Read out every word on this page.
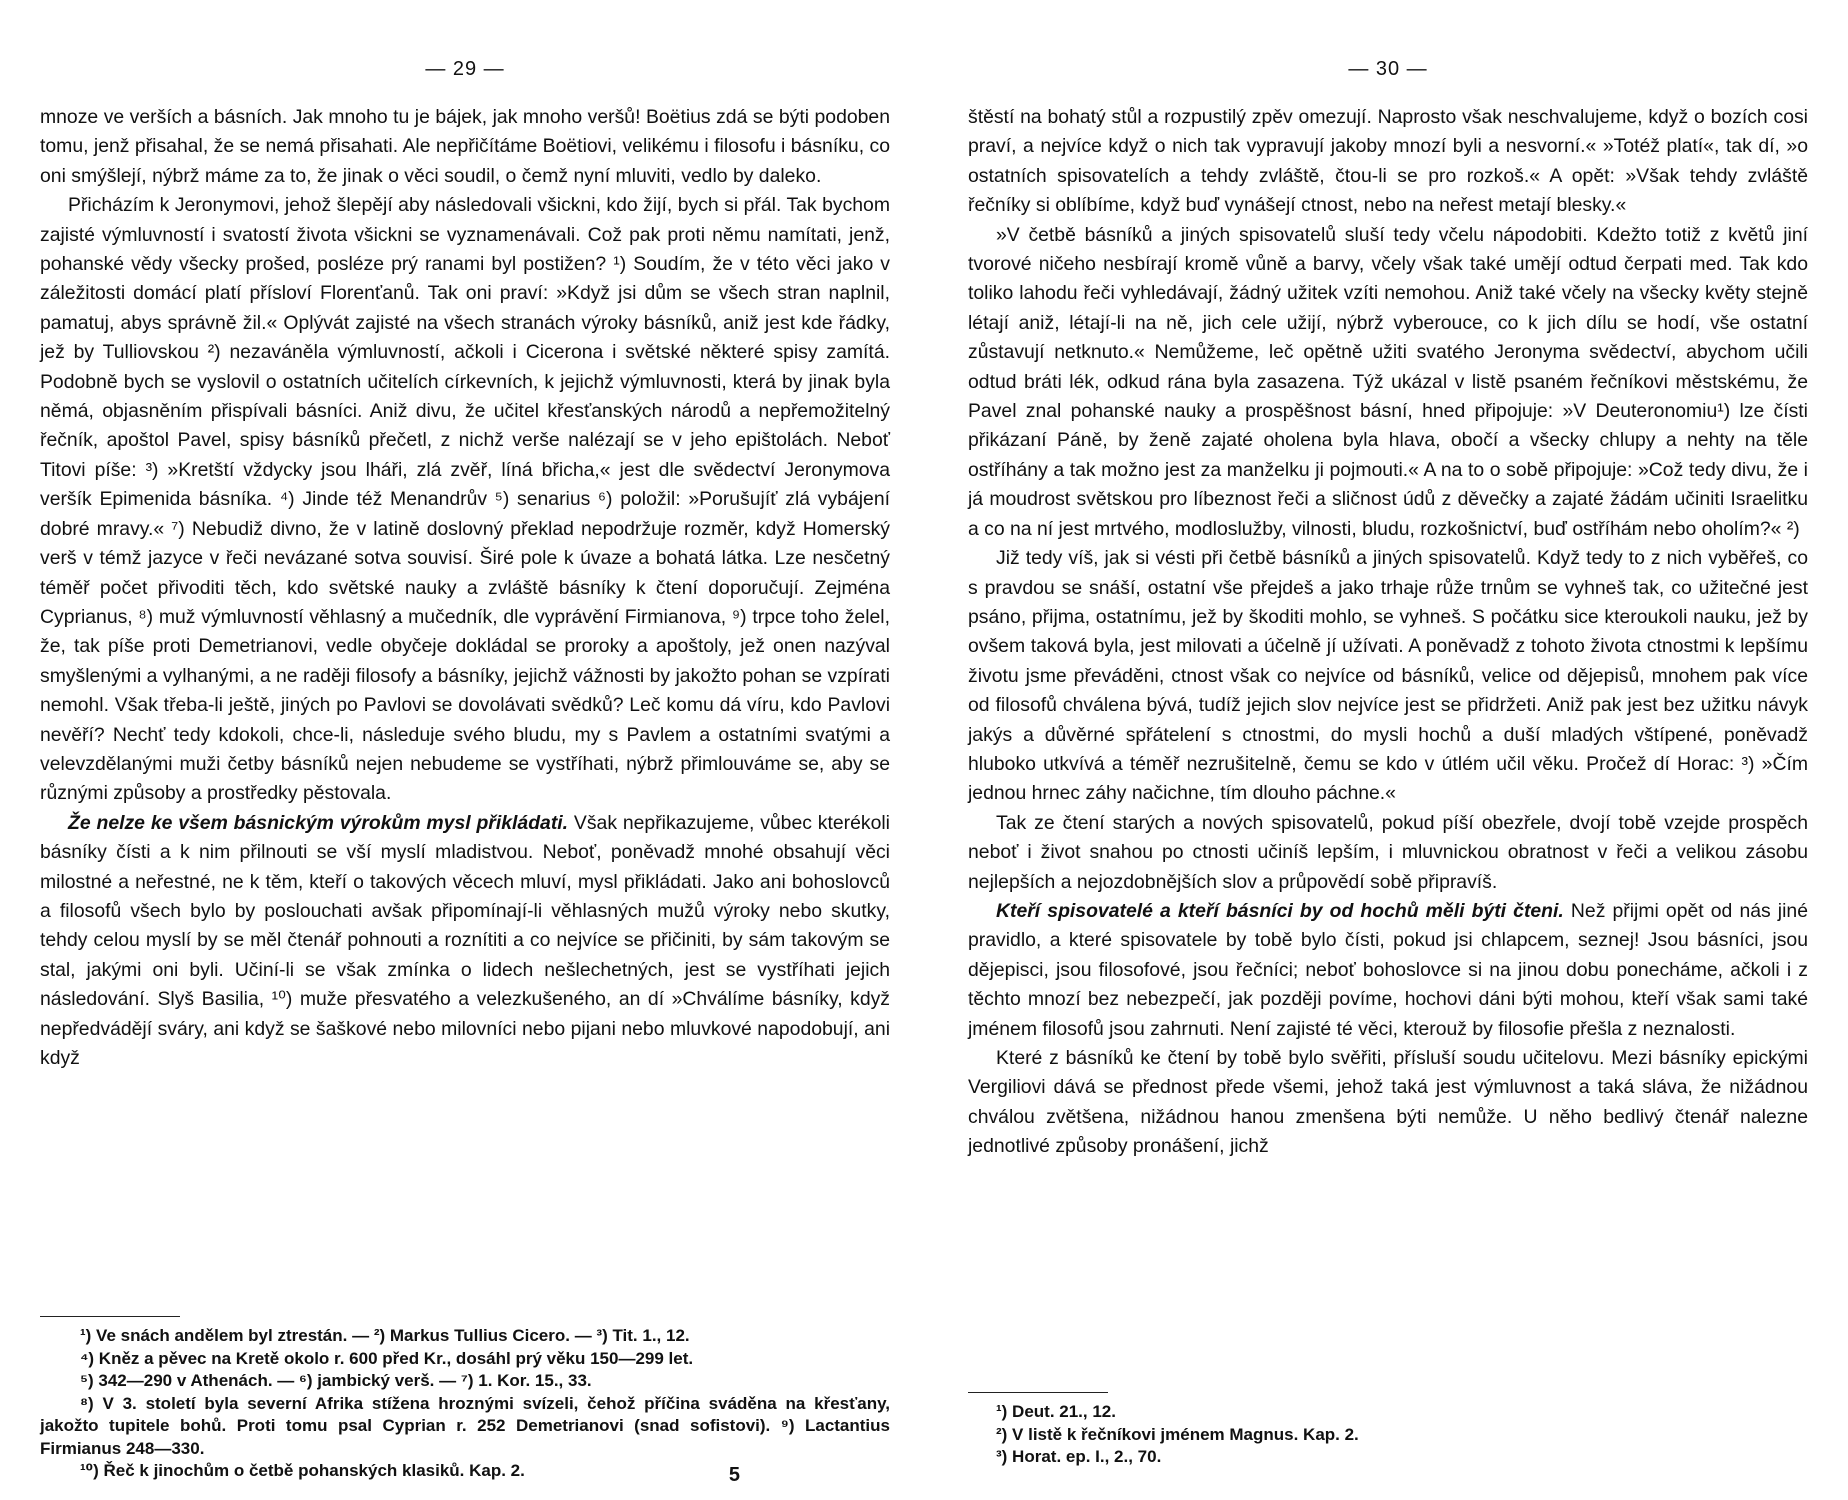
— 29 —

mnoze ve verších a básních. Jak mnoho tu je bájek, jak mnoho veršů! Boëtius zdá se býti podoben tomu, jenž přisahal, že se nemá přisahati. Ale nepřičítáme Boëtiovi, velikému i filosofu i básníku, co oni smýšlejí, nýbrž máme za to, že jinak o věci soudil, o čemž nyní mluviti, vedlo by daleko.

Přicházím k Jeronymovi, jehož šlepějí aby následovali všickni, kdo žijí, bych si přál. Tak bychom zajisté výmluvností i svatostí života všickni se vyznamenávali. Což pak proti němu namítati, jenž, pohanské vědy všecky prošed, posléze prý ranami byl postižen? ¹) Soudím, že v této věci jako v záležitosti domácí platí přísloví Florenťanů. Tak oni praví: »Když jsi dům se všech stran naplnil, pamatuj, abys správně žil.« Oplývát zajisté na všech stranách výroky básníků, aniž jest kde řádky, jež by Tulliovskou ²) nezaváněla výmluvností, ačkoli i Cicerona i světské některé spisy zamítá. Podobně bych se vyslovil o ostatních učitelích církevních, k jejichž výmluvnosti, která by jinak byla němá, objasněním přispívali básníci. Aniž divu, že učitel křesťanských národů a nepřemožitelný řečník, apoštol Pavel, spisy básníků přečetl, z nichž verše nalézají se v jeho epištolách. Neboť Titovi píše: ³) »Kretští vždycky jsou lháři, zlá zvěř, líná břicha,« jest dle svědectví Jeronymova veršík Epimenida básníka. ⁴) Jinde též Menandrův ⁵) senarius ⁶) položil: »Porušujíť zlá vybájení dobré mravy.« ⁷) Nebudiž divno, že v latině doslovný překlad nepodržuje rozměr, když Homerský verš v témž jazyce v řeči nevázané sotva souvisí. Širé pole k úvaze a bohatá látka. Lze nesčetný téměř počet přivoditi těch, kdo světské nauky a zvláště básníky k čtení doporučují. Zejména Cyprianus, ⁸) muž výmluvností věhlasný a mučedník, dle vyprávění Firmianova, ⁹) trpce toho želel, že, tak píše proti Demetrianovi, vedle obyčeje dokládal se proroky a apoštoly, jež onen nazýval smyšlenými a vylhanými, a ne raději filosofy a básníky, jejichž vážnosti by jakožto pohan se vzpírati nemohl. Však třeba-li ještě, jiných po Pavlovi se dovolávati svědků? Leč komu dá víru, kdo Pavlovi nevěří? Nechť tedy kdokoli, chce-li, následuje svého bludu, my s Pavlem a ostatními svatými a velevzdělanými muži četby básníků nejen nebudeme se vystříhati, nýbrž přimlouváme se, aby se různými způsoby a prostředky pěstovala.

Že nelze ke všem básnickým výrokům mysl přikládati. Však nepřikazujeme, vůbec kterékoli básníky čísti a k nim přilnouti se vší myslí mladistvou. Neboť, poněvadž mnohé obsahují věci milostné a neřestné, ne k těm, kteří o takových věcech mluví, mysl přikládati. Jako ani bohoslovců a filosofů všech bylo by poslouchati avšak připomínají-li věhlasných mužů výroky nebo skutky, tehdy celou myslí by se měl čtenář pohnouti a roznítiti a co nejvíce se přičiniti, by sám takovým se stal, jakými oni byli. Učiní-li se však zmínka o lidech nešlechetných, jest se vystříhati jejich následování. Slyš Basilia, ¹⁰) muže přesvatého a velezkušeného, an dí »Chválíme básníky, když nepředvádějí sváry, ani když se šaškové nebo milovníci nebo pijani nebo mluvkové napodobují, ani když

¹) Ve snách andělem byl ztrestán. — ²) Markus Tullius Cicero. — ³) Tit. 1., 12.

⁴) Kněz a pěvec na Kretě okolo r. 600 před Kr., dosáhl prý věku 150—299 let.

⁵) 342—290 v Athenách. — ⁶) jambický verš. — ⁷) 1. Kor. 15., 33.

⁸) V 3. století byla severní Afrika stížena hroznými svízeli, čehož příčina sváděna na křesťany, jakožto tupitele bohů. Proti tomu psal Cyprian r. 252 Demetrianovi (snad sofistovi). ⁹) Lactantius Firmianus 248—330.

¹⁰) Řeč k jinochům o četbě pohanských klasiků. Kap. 2.	5
— 30 —

štěstí na bohatý stůl a rozpustilý zpěv omezují. Naprosto však neschvalujeme, když o bozích cosi praví, a nejvíce když o nich tak vypravují jakoby mnozí byli a nesvorní.« »Totéž platí«, tak dí, »o ostatních spisovatelích a tehdy zvláště, čtou-li se pro rozkoš.« A opět: »Však tehdy zvláště řečníky si oblíbíme, když buď vynášejí ctnost, nebo na neřest metají blesky.«

»V četbě básníků a jiných spisovatelů sluší tedy včelu nápodobiti. Kdežto totiž z květů jiní tvorové ničeho nesbírají kromě vůně a barvy, včely však také umějí odtud čerpati med. Tak kdo toliko lahodu řeči vyhledávají, žádný užitek vzíti nemohou. Aniž také včely na všecky květy stejně létají aniž, létají-li na ně, jich cele užijí, nýbrž vyberouce, co k jich dílu se hodí, vše ostatní zůstavují netknuto.« Nemůžeme, leč opětně užiti svatého Jeronyma svědectví, abychom učili odtud bráti lék, odkud rána byla zasazena. Týž ukázal v listě psaném řečníkovi městskému, že Pavel znal pohanské nauky a prospěšnost básní, hned připojuje: »V Deuteronomiu¹) lze čísti přikázaní Páně, by ženě zajaté oholena byla hlava, obočí a všecky chlupy a nehty na těle ostříhány a tak možno jest za manželku ji pojmouti.« A na to o sobě připojuje: »Což tedy divu, že i já moudrost světskou pro líbeznost řeči a sličnost údů z děvečky a zajaté žádám učiniti Israelitku a co na ní jest mrtvého, modloslužby, vilnosti, bludu, rozkošnictví, buď ostříhám nebo oholím?« ²)

Již tedy víš, jak si vésti při četbě básníků a jiných spisovatelů. Když tedy to z nich vyběřeš, co s pravdou se snáší, ostatní vše přejdeš a jako trhaje růže trnům se vyhneš tak, co užitečné jest psáno, přijma, ostatnímu, jež by škoditi mohlo, se vyhneš. S počátku sice kteroukoli nauku, jež by ovšem taková byla, jest milovati a účelně jí užívati. A poněvadž z tohoto života ctnostmi k lepšímu životu jsme převáděni, ctnost však co nejvíce od básníků, velice od dějepisů, mnohem pak více od filosofů chválena bývá, tudíž jejich slov nejvíce jest se přidržeti. Aniž pak jest bez užitku návyk jakýs a důvěrné spřátelení s ctnostmi, do mysli hochů a duší mladých vštípené, poněvadž hluboko utkvívá a téměř nezrušitelně, čemu se kdo v útlém učil věku. Pročež dí Horac: ³) »Čím jednou hrnec záhy načichne, tím dlouho páchne.«

Tak ze čtení starých a nových spisovatelů, pokud píší obezřele, dvojí tobě vzejde prospěch neboť i život snahou po ctnosti učiníš lepším, i mluvnickou obratnost v řeči a velikou zásobu nejlepších a nejozdobnějších slov a průpovědí sobě připravíš.

Kteří spisovatelé a kteří básníci by od hochů měli býti čteni. Než přijmi opět od nás jiné pravidlo, a které spisovatele by tobě bylo čísti, pokud jsi chlapcem, seznej! Jsou básníci, jsou dějepisci, jsou filosofové, jsou řečníci; neboť bohoslovce si na jinou dobu ponecháme, ačkoli i z těchto mnozí bez nebezpečí, jak později povíme, hochovi dáni býti mohou, kteří však sami také jménem filosofů jsou zahrnuti. Není zajisté té věci, kterouž by filosofie přešla z neznalosti.

Které z básníků ke čtení by tobě bylo svěřiti, přísluší soudu učitelovu. Mezi básníky epickými Vergiliovi dává se přednost přede všemi, jehož taká jest výmluvnost a taká sláva, že nižádnou chválou zvětšena, nižádnou hanou zmenšena býti nemůže. U něho bedlivý čtenář nalezne jednotlivé způsoby pronášení, jichž

¹) Deut. 21., 12.

²) V listě k řečníkovi jménem Magnus. Kap. 2.

³) Horat. ep. I., 2., 70.
